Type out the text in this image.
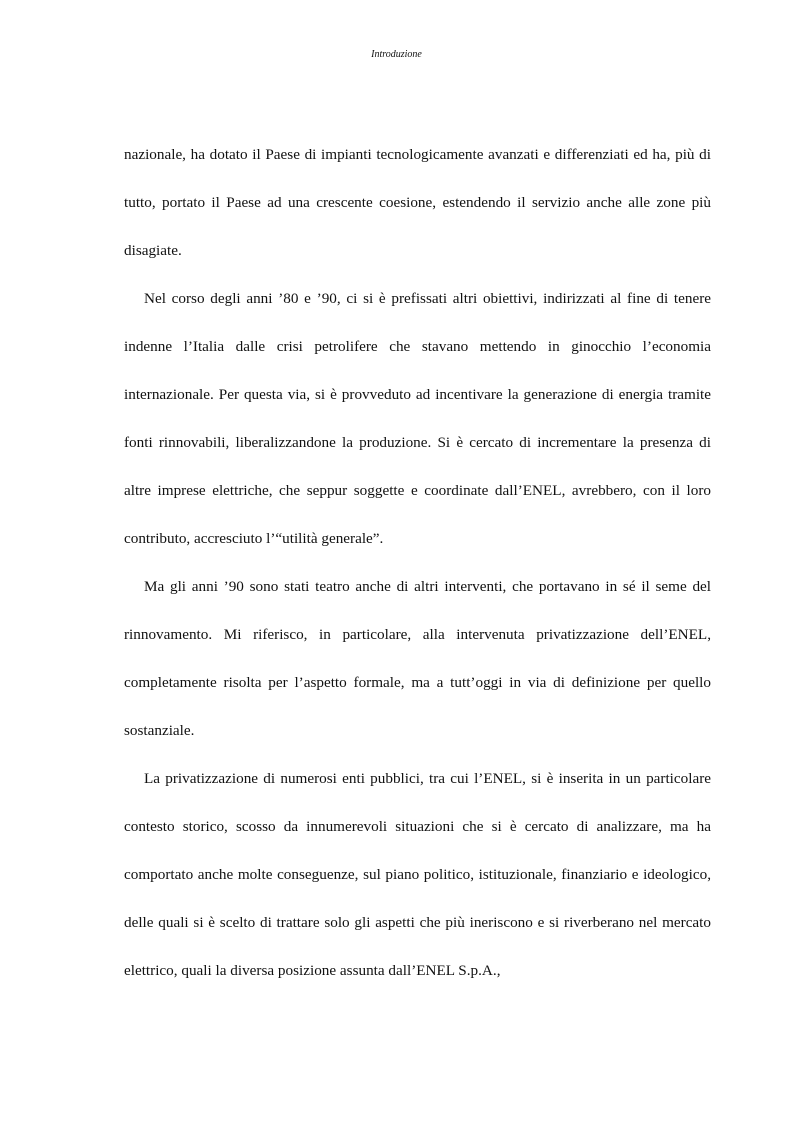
Introduzione

nazionale, ha dotato il Paese di impianti tecnologicamente avanzati e differenziati ed ha, più di tutto, portato il Paese ad una crescente coesione, estendendo il servizio anche alle zone più disagiate.

Nel corso degli anni ’80 e ’90, ci si è prefissati altri obiettivi, indirizzati al fine di tenere indenne l’Italia dalle crisi petrolifere che stavano mettendo in ginocchio l’economia internazionale. Per questa via, si è provveduto ad incentivare la generazione di energia tramite fonti rinnovabili, liberalizzandone la produzione. Si è cercato di incrementare la presenza di altre imprese elettriche, che seppur soggette e coordinate dall’ENEL, avrebbero, con il loro contributo, accresciuto l’“utilità generale”.

Ma gli anni ’90 sono stati teatro anche di altri interventi, che portavano in sé il seme del rinnovamento. Mi riferisco, in particolare, alla intervenuta privatizzazione dell’ENEL, completamente risolta per l’aspetto formale, ma a tutt’oggi in via di definizione per quello sostanziale.

La privatizzazione di numerosi enti pubblici, tra cui l’ENEL, si è inserita in un particolare contesto storico, scosso da innumerevoli situazioni che si è cercato di analizzare, ma ha comportato anche molte conseguenze, sul piano politico, istituzionale, finanziario e ideologico, delle quali si è scelto di trattare solo gli aspetti che più ineriscono e si riverberano nel mercato elettrico, quali la diversa posizione assunta dall’ENEL S.p.A.,
